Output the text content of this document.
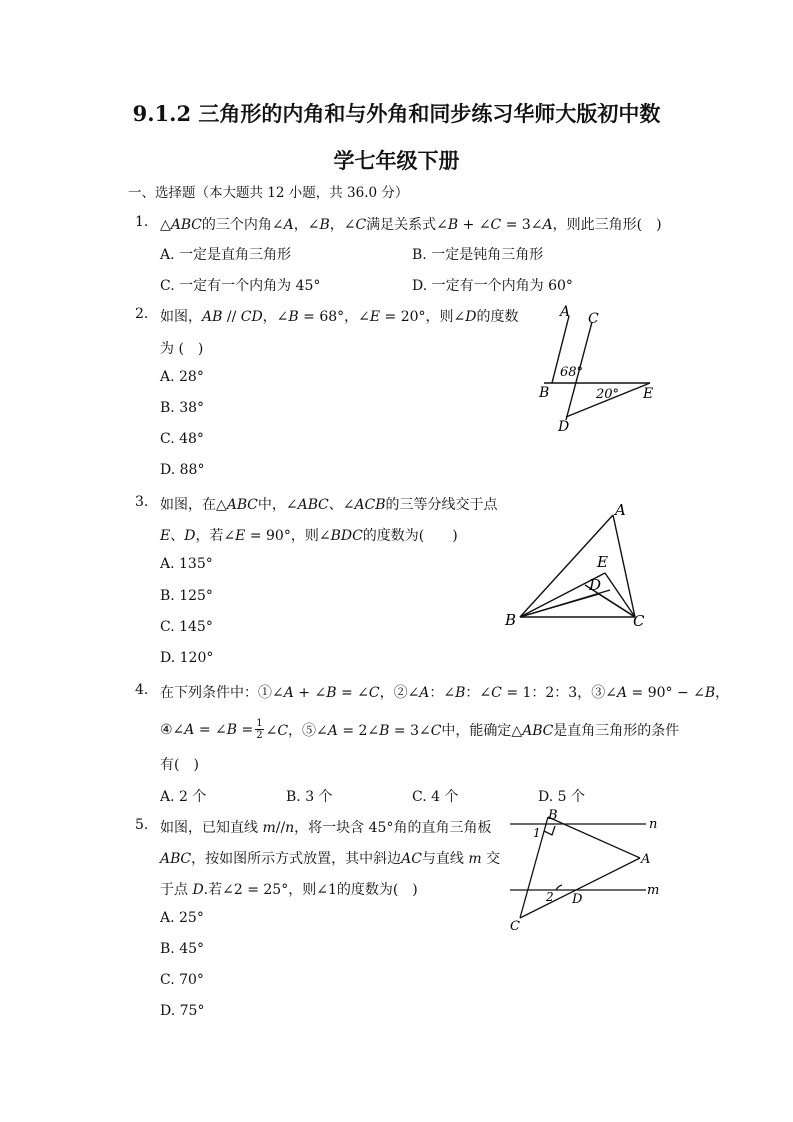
9.1.2 三角形的内角和与外角和同步练习华师大版初中数
学七年级下册
一、选择题（本大题共 12 小题，共 36.0 分）
1. △𝐴𝐵𝐶的三个内角∠𝐴，∠𝐵，∠𝐶满足关系式∠𝐵 + ∠𝐶 = 3∠𝐴，则此三角形(　)
A. 一定是直角三角形	B. 一定是钝角三角形
C. 一定有一个内角为 45°	D. 一定有一个内角为 60°
2. 如图，𝐴𝐵 // 𝐶𝐷，∠𝐵 = 68°，∠𝐸 = 20°，则∠𝐷的度数
为 (　)
A. 28°
B. 38°
C. 48°
D. 88°
A C
68°
B	20° E
D
3. 如图，在△𝐴𝐵𝐶中，∠𝐴𝐵𝐶、∠𝐴𝐶𝐵的三等分线交于点
𝐸、𝐷，若∠𝐸 = 90°，则∠𝐵𝐷𝐶的度数为(　　)
A. 135°
B. 125°
C. 145°
D. 120°
A
E
D
B	C
4. 在下列条件中：①∠𝐴 + ∠𝐵 = ∠𝐶，②∠𝐴：∠𝐵：∠𝐶 = 1：2：3，③∠𝐴 = 90° − ∠𝐵，
④∠𝐴 = ∠𝐵 = $\frac{1}{2}$ ∠𝐶，⑤∠𝐴 = 2∠𝐵 = 3∠𝐶中，能确定△𝐴𝐵𝐶是直角三角形的条件
有(　)
A. 2 个	B. 3 个	C. 4 个	D. 5 个
5. 如图，已知直线 𝑚//𝑛，将一块含 45°角的直角三角板
𝐴𝐵𝐶，按如图所示方式放置，其中斜边𝐴𝐶与直线 𝑚 交
于点 𝐷.若∠2 = 25°，则∠1的度数为(　)
A. 25°
B. 45°
C. 70°
D. 75°
B
n
1
A
2 D
m
C
